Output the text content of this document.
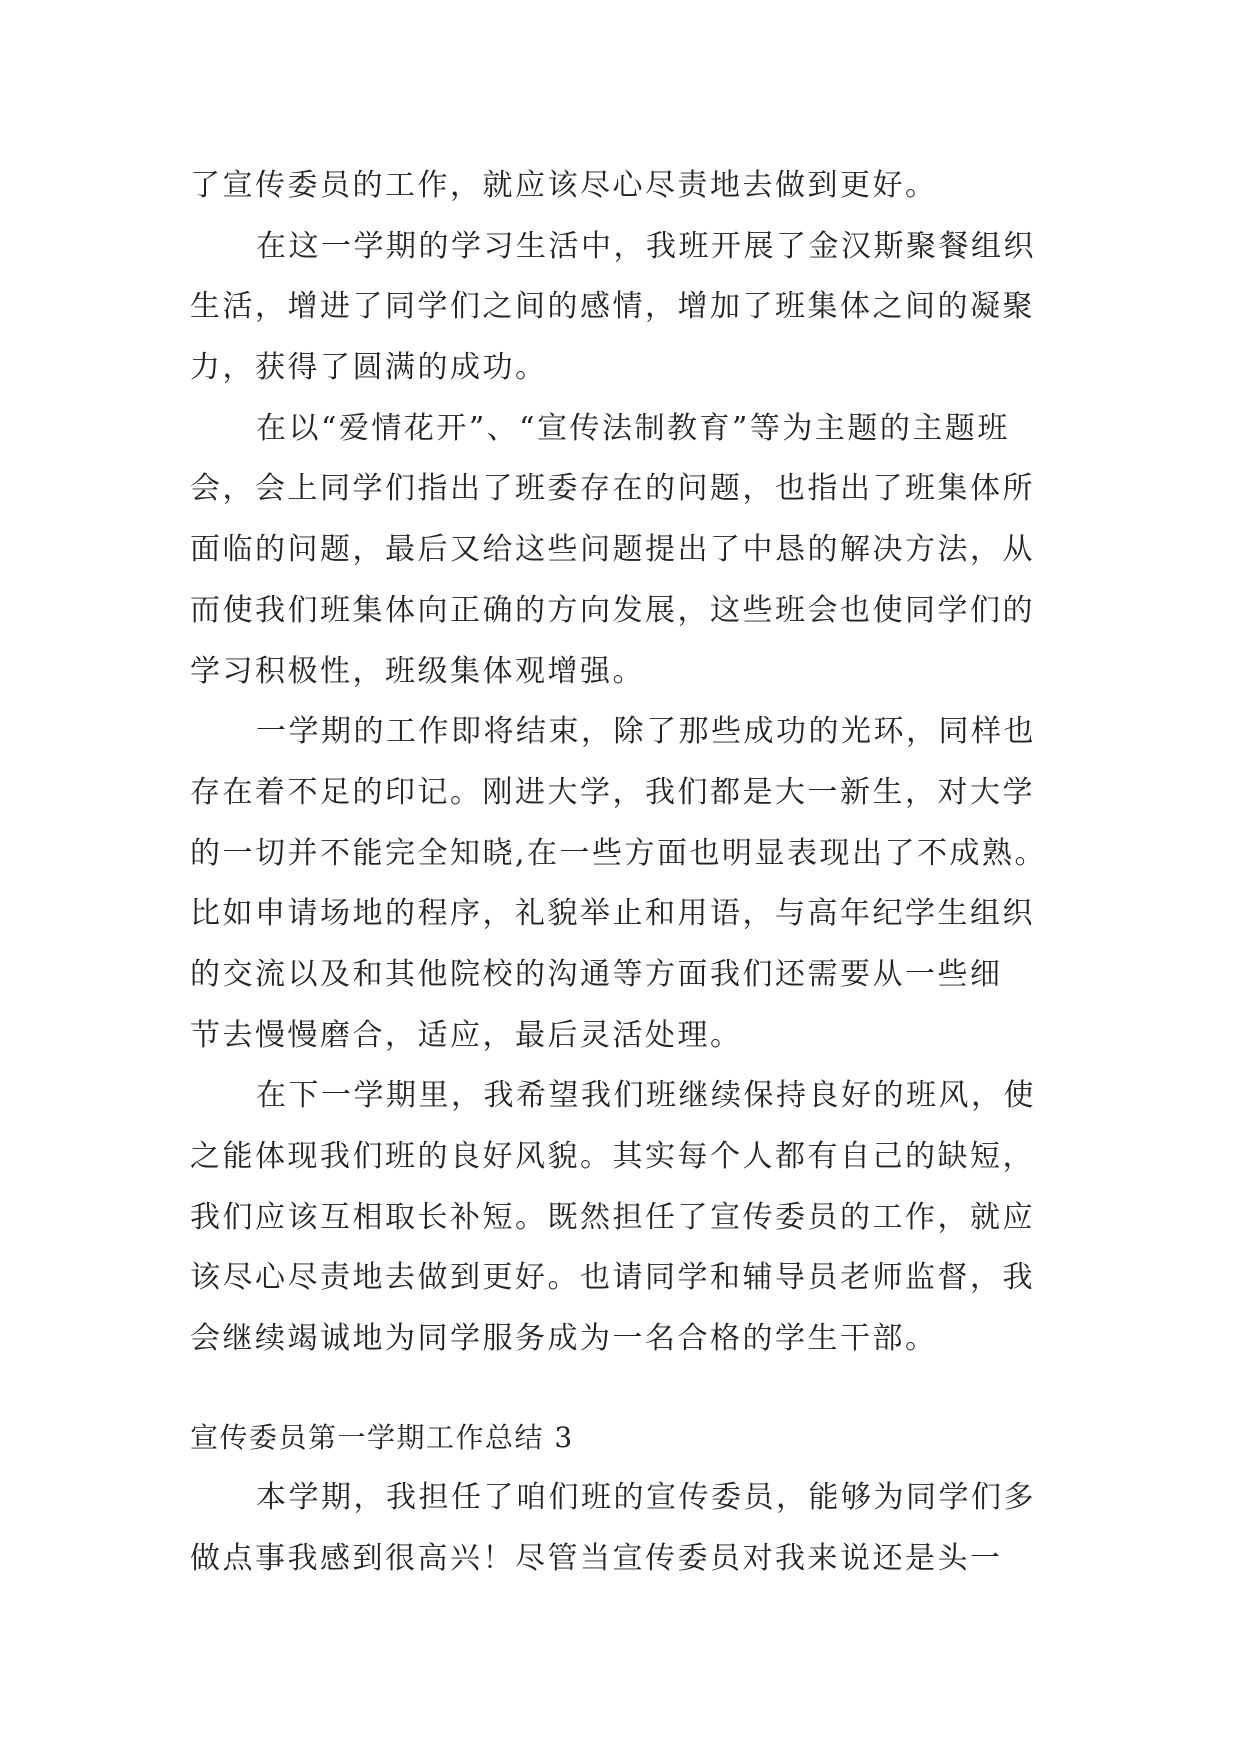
了宣传委员的工作，就应该尽心尽责地去做到更好。
在这一学期的学习生活中，我班开展了金汉斯聚餐组织
生活，增进了同学们之间的感情，增加了班集体之间的凝聚
力，获得了圆满的成功。
在以“爱情花开”、“宣传法制教育”等为主题的主题班
会，会上同学们指出了班委存在的问题，也指出了班集体所
面临的问题，最后又给这些问题提出了中恳的解决方法，从
而使我们班集体向正确的方向发展，这些班会也使同学们的
学习积极性，班级集体观增强。
一学期的工作即将结束，除了那些成功的光环，同样也
存在着不足的印记。刚进大学，我们都是大一新生，对大学
的一切并不能完全知晓,在一些方面也明显表现出了不成熟。
比如申请场地的程序，礼貌举止和用语，与高年纪学生组织
的交流以及和其他院校的沟通等方面我们还需要从一些细
节去慢慢磨合，适应，最后灵活处理。
在下一学期里，我希望我们班继续保持良好的班风，使
之能体现我们班的良好风貌。其实每个人都有自己的缺短，
我们应该互相取长补短。既然担任了宣传委员的工作，就应
该尽心尽责地去做到更好。也请同学和辅导员老师监督，我
会继续竭诚地为同学服务成为一名合格的学生干部。
宣传委员第一学期工作总结 3
本学期，我担任了咱们班的宣传委员，能够为同学们多
做点事我感到很高兴！尽管当宣传委员对我来说还是头一
